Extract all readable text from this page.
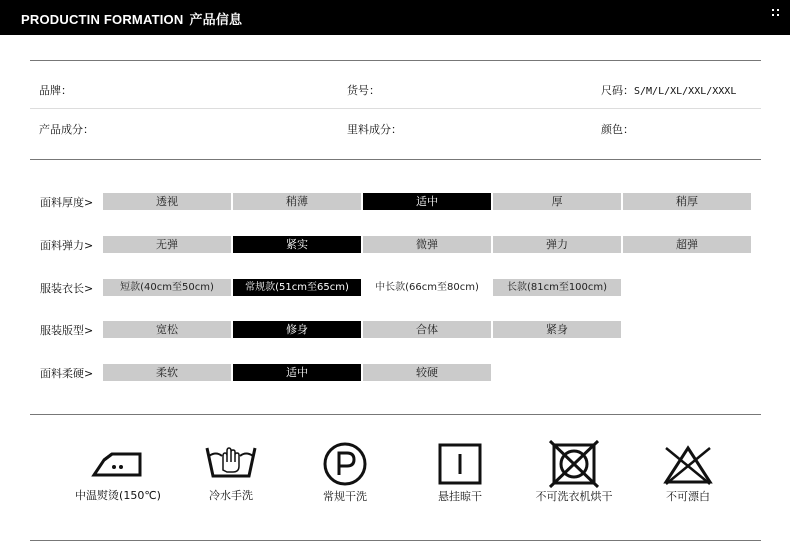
PRODUCTIN FORMATION 产品信息
品牌：	货号：	尺码：S/M/L/XL/XXL/XXXL
产品成分：	里料成分：	颜色：
面料厚度>	透视	稍薄	适中	厚	稍厚
面料弹力>	无弹	紧实	微弹	弹力	超弹
服装衣长>	短款(40cm至50cm)	常规款(51cm至65cm)	中长款(66cm至80cm)	长款(81cm至100cm)
服装版型>	宽松	修身	合体	紧身
面料柔硬>	柔软	适中	较硬
中温熨烫(150℃)	冷水手洗	常规干洗	悬挂晾干	不可洗衣机烘干	不可漂白
